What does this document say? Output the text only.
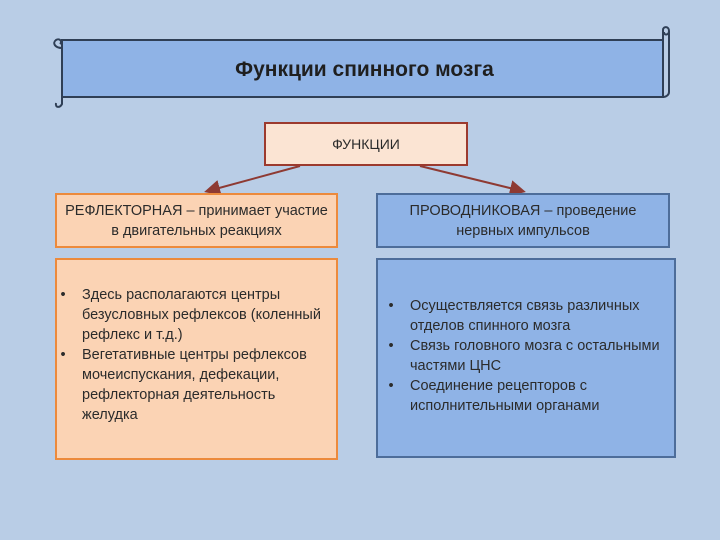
Функции спинного мозга
ФУНКЦИИ
РЕФЛЕКТОРНАЯ – принимает участие в двигательных реакциях
•	Здесь располагаются центры безусловных рефлексов (коленный рефлекс и т.д.)
•	Вегетативные центры рефлексов мочеиспускания, дефекации, рефлекторная деятельность желудка
ПРОВОДНИКОВАЯ – проведение нервных импульсов
•	Осуществляется связь различных отделов спинного мозга
•	Связь головного мозга с остальными частями ЦНС
•	Соединение рецепторов с исполнительными органами
